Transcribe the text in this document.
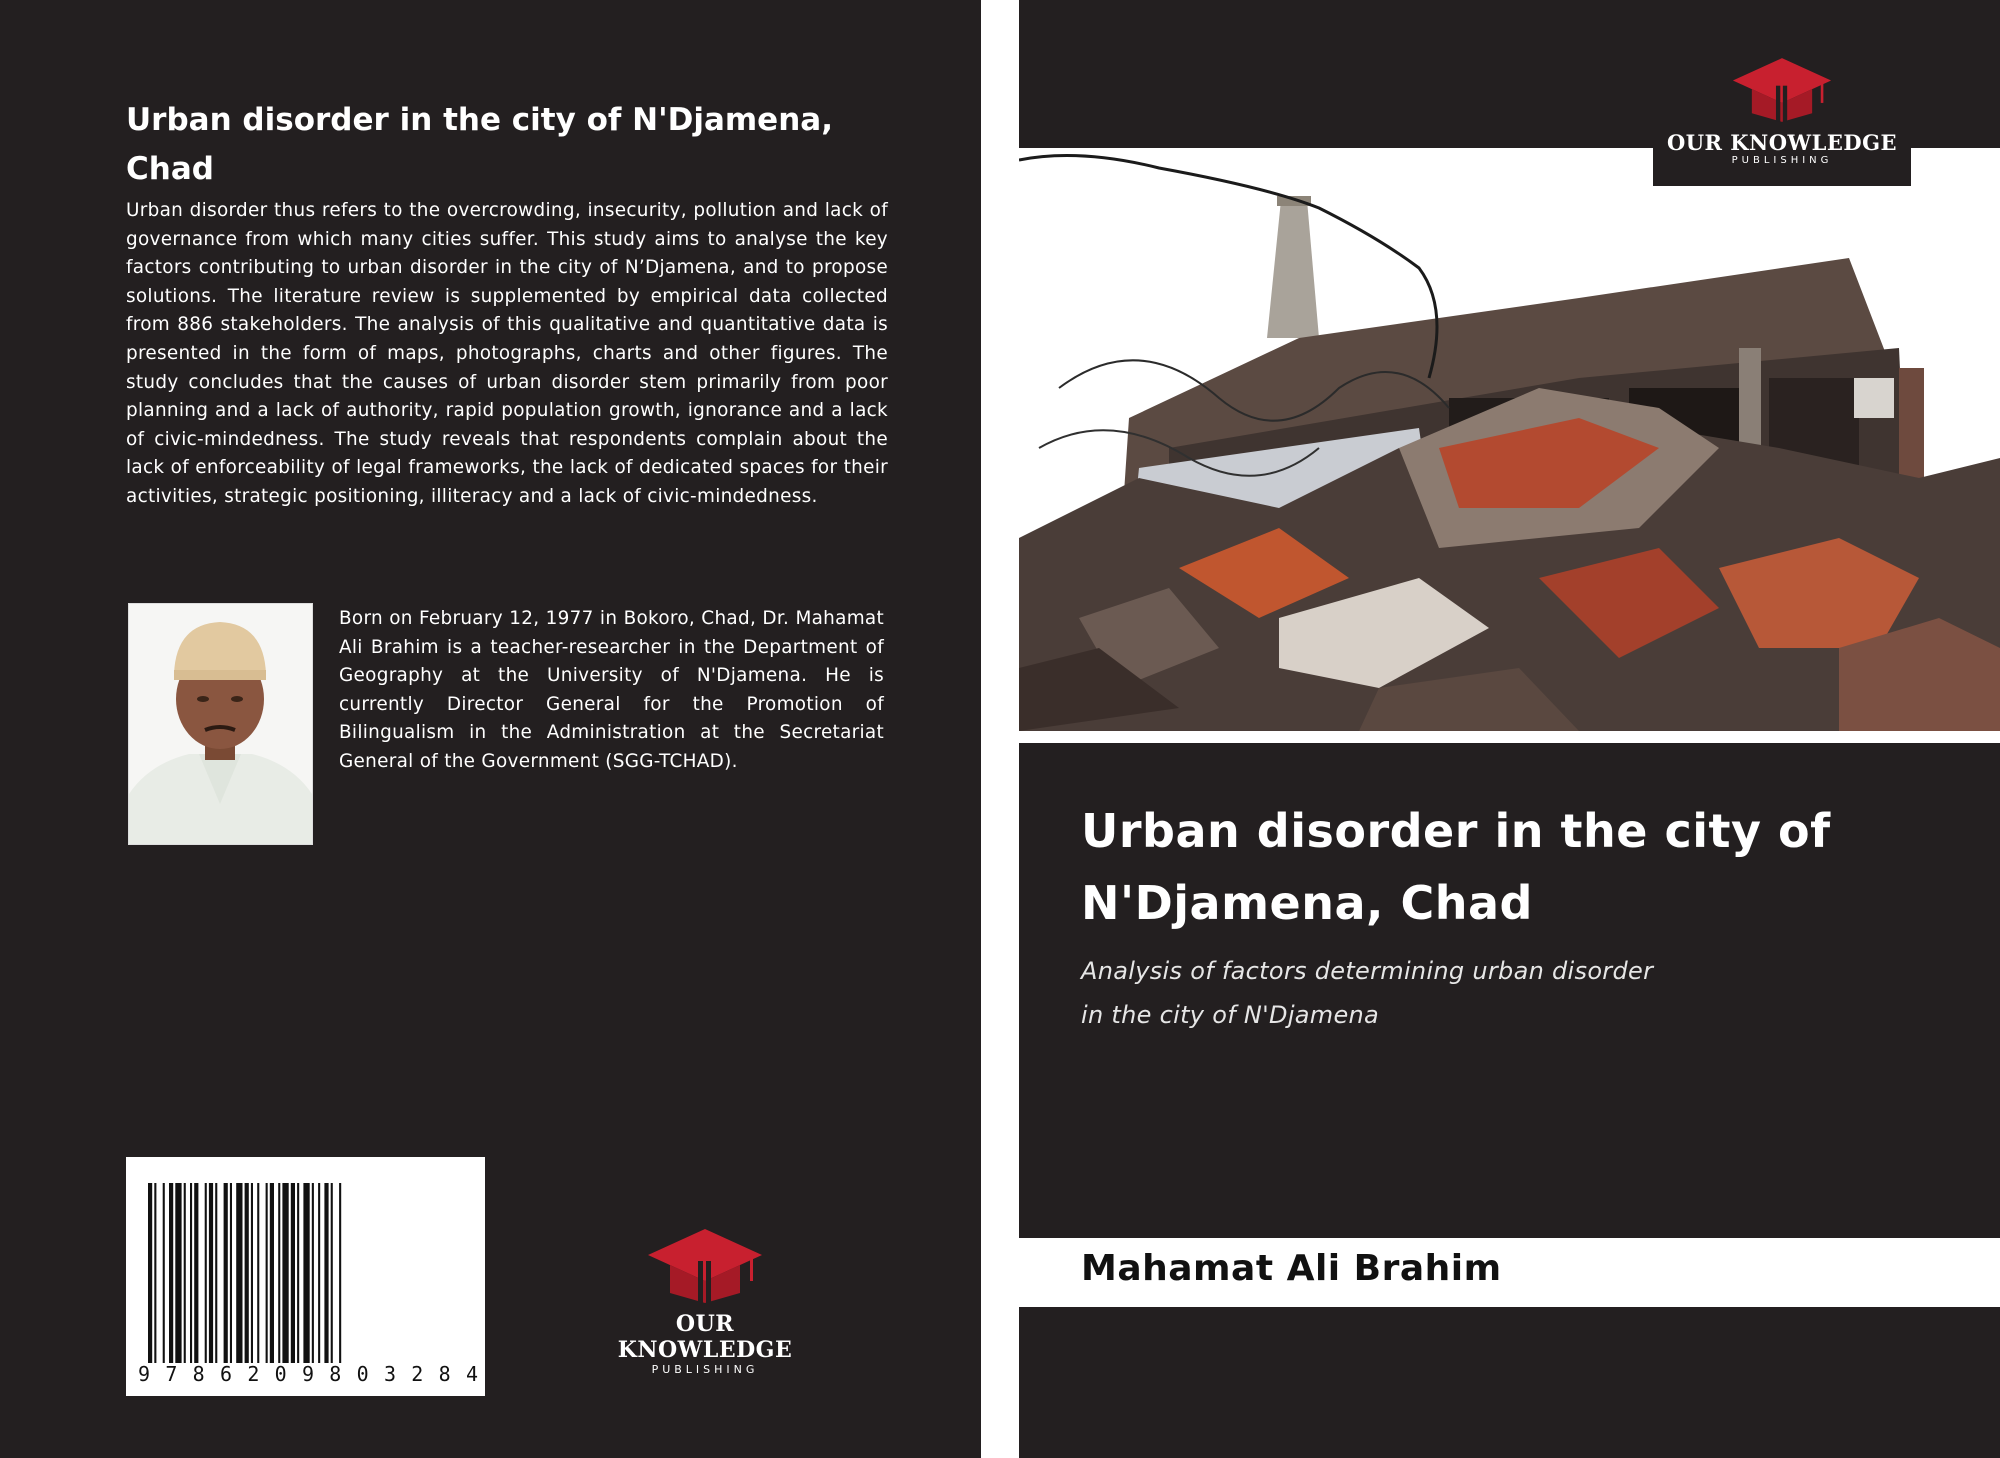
Urban disorder in the city of N'Djamena, Chad
Urban disorder thus refers to the overcrowding, insecurity, pollution and lack of governance from which many cities suffer. This study aims to analyse the key factors contributing to urban disorder in the city of N’Djamena, and to propose solutions. The literature review is supplemented by empirical data collected from 886 stakeholders. The analysis of this qualitative and quantitative data is presented in the form of maps, photographs, charts and other figures. The study concludes that the causes of urban disorder stem primarily from poor planning and a lack of authority, rapid population growth, ignorance and a lack of civic-mindedness. The study reveals that respondents complain about the lack of enforceability of legal frameworks, the lack of dedicated spaces for their activities, strategic positioning, illiteracy and a lack of civic-mindedness.
Born on February 12, 1977 in Bokoro, Chad, Dr. Mahamat Ali Brahim is a teacher-researcher in the Department of Geography at the University of N'Djamena. He is currently Director General for the Promotion of Bilingualism in the Administration at the Secretariat General of the Government (SGG-TCHAD).
9 7 8 6 2 0 9 8 0 3 2 8 4
OUR KNOWLEDGE
PUBLISHING
OUR KNOWLEDGE
PUBLISHING
Urban disorder in the city of N'Djamena, Chad
Analysis of factors determining urban disorder
in the city of N'Djamena
Mahamat Ali Brahim
